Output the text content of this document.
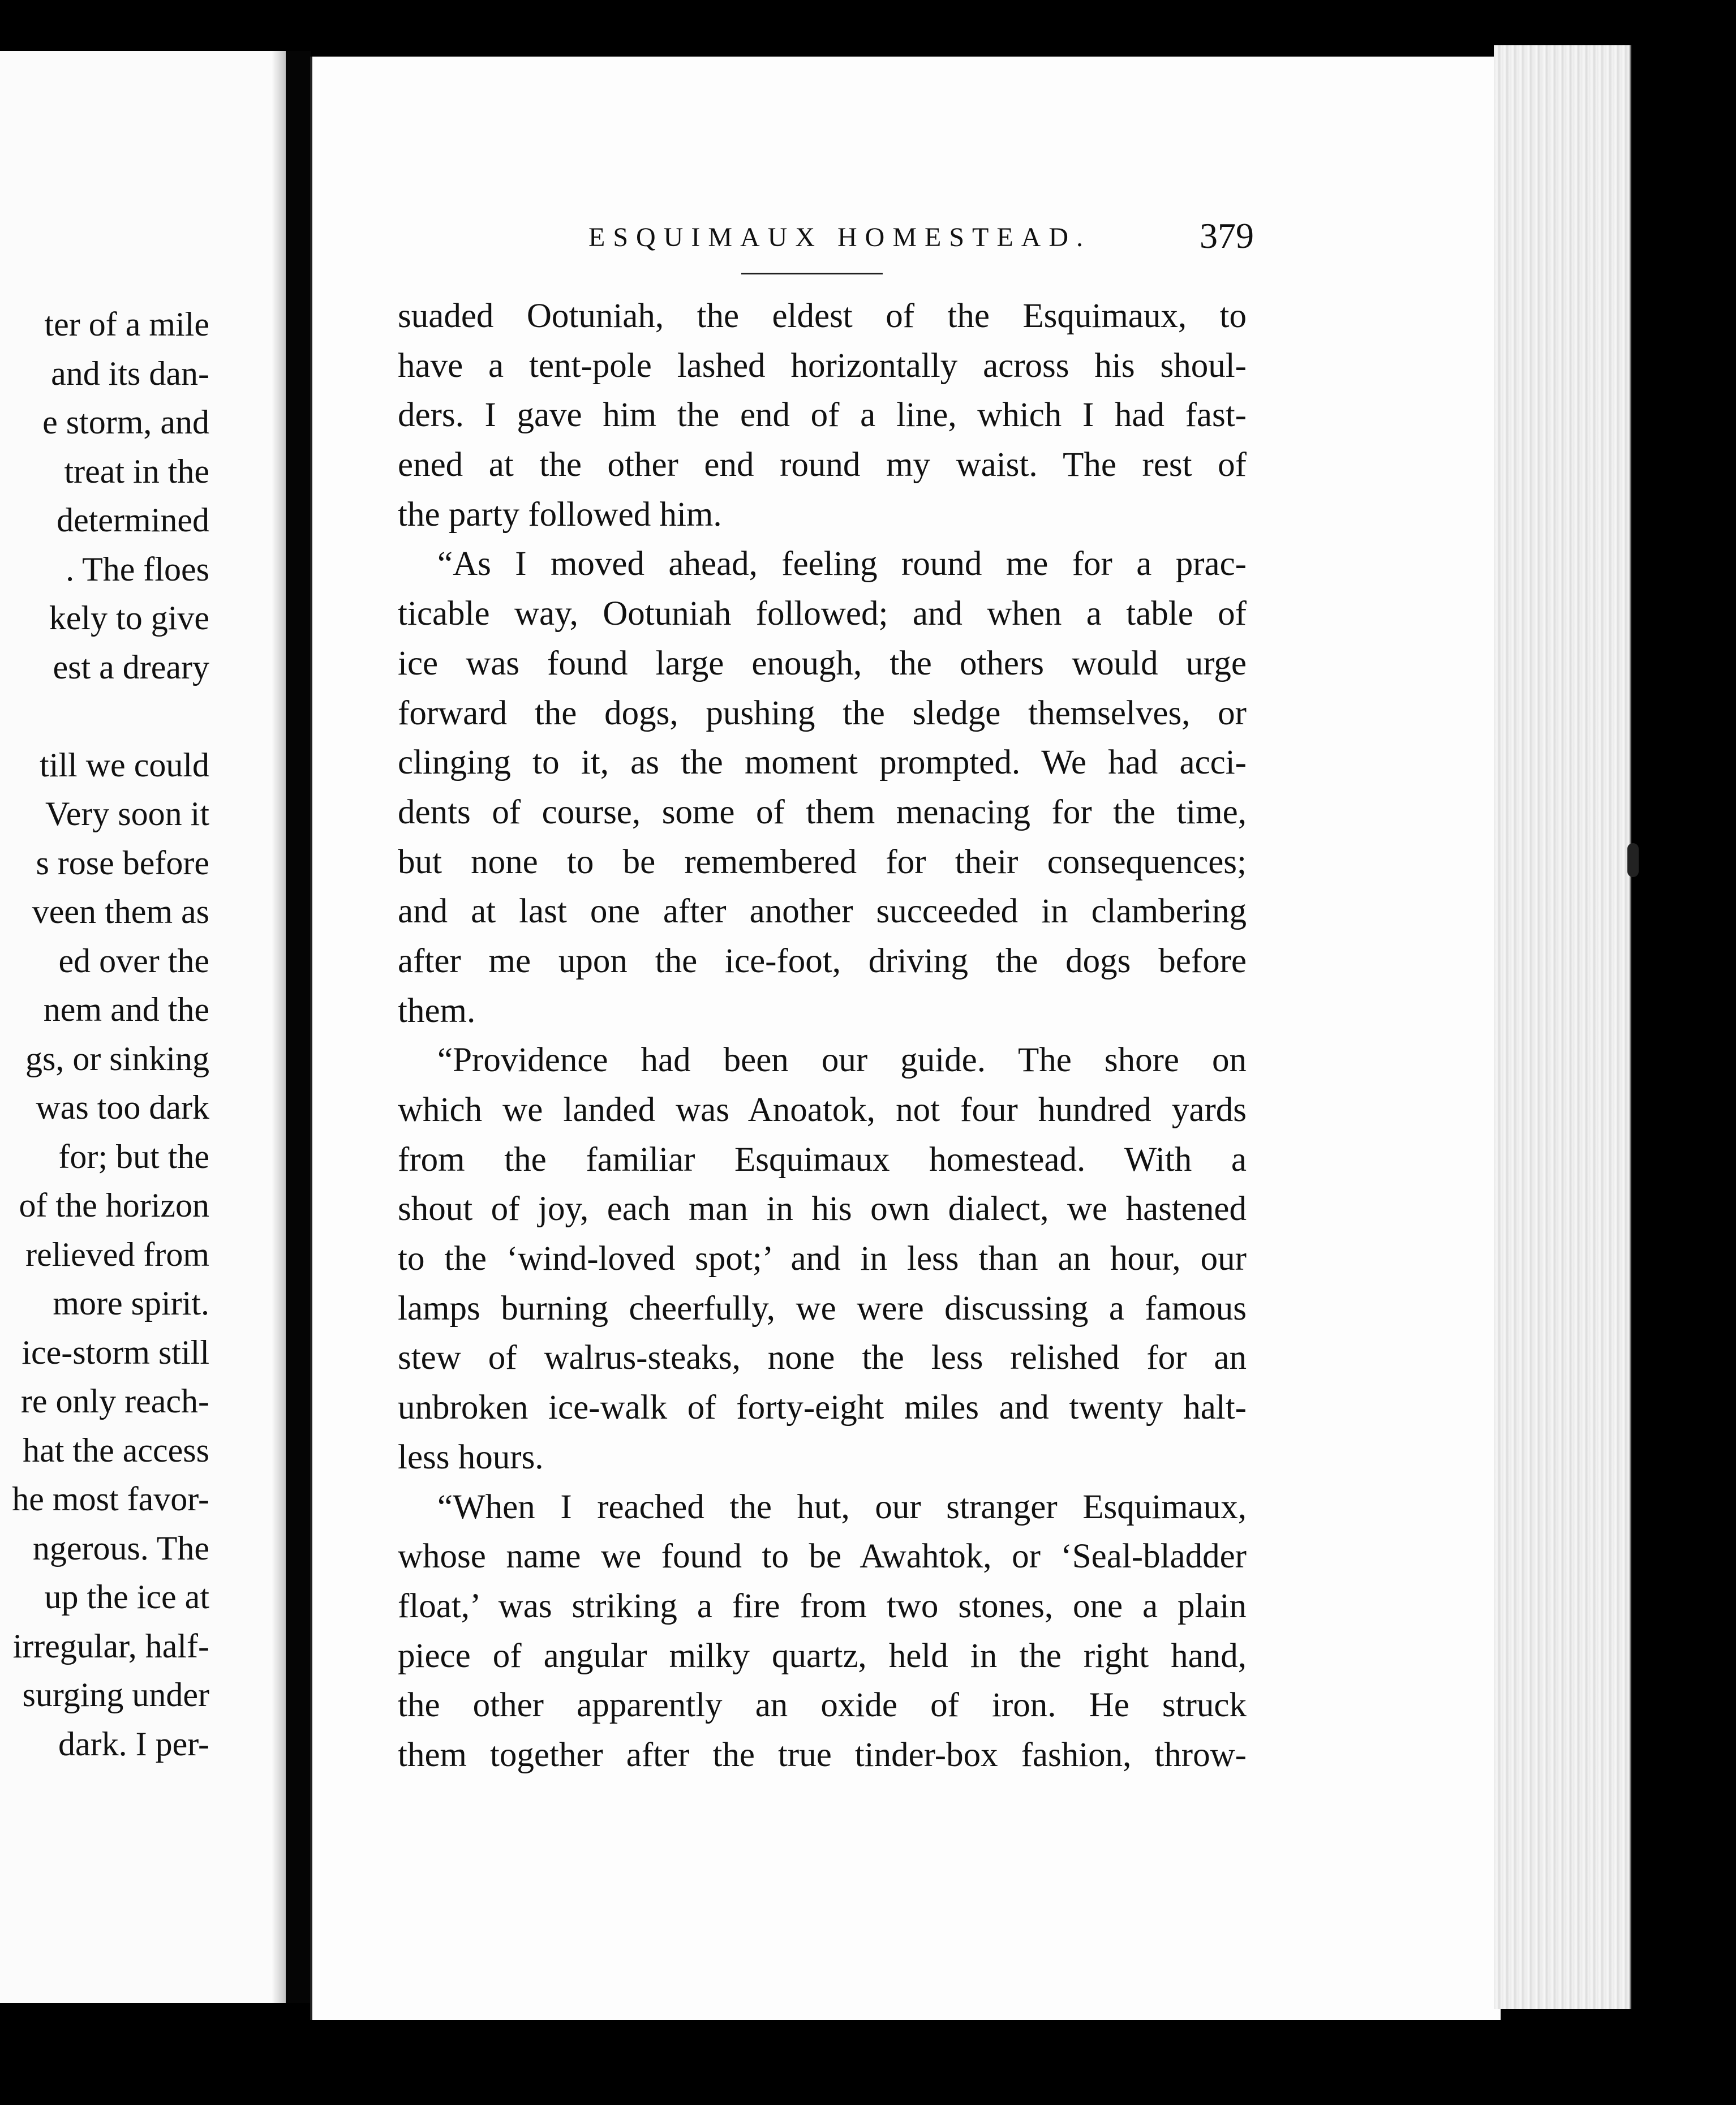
ter of a mile
and its dan-
e storm, and
treat in the
determined
. The floes
kely to give
est a dreary
till we could
Very soon it
s rose before
veen them as
ed over the
nem and the
gs, or sinking
was too dark
for; but the
of the horizon
relieved from
more spirit.
ice-storm still
re only reach-
hat the access
he most favor-
ngerous. The
up the ice at
irregular, half-
surging under
dark. I per-
ESQUIMAUX HOMESTEAD.	379
suaded Ootuniah, the eldest of the Esquimaux, to
have a tent-pole lashed horizontally across his shoul-
ders. I gave him the end of a line, which I had fast-
ened at the other end round my waist. The rest of
the party followed him.
“As I moved ahead, feeling round me for a prac-
ticable way, Ootuniah followed; and when a table of
ice was found large enough, the others would urge
forward the dogs, pushing the sledge themselves, or
clinging to it, as the moment prompted. We had acci-
dents of course, some of them menacing for the time,
but none to be remembered for their consequences;
and at last one after another succeeded in clambering
after me upon the ice-foot, driving the dogs before
them.
“Providence had been our guide. The shore on
which we landed was Anoatok, not four hundred yards
from the familiar Esquimaux homestead. With a
shout of joy, each man in his own dialect, we hastened
to the ‘wind-loved spot;’ and in less than an hour, our
lamps burning cheerfully, we were discussing a famous
stew of walrus-steaks, none the less relished for an
unbroken ice-walk of forty-eight miles and twenty halt-
less hours.
“When I reached the hut, our stranger Esquimaux,
whose name we found to be Awahtok, or ‘Seal-bladder
float,’ was striking a fire from two stones, one a plain
piece of angular milky quartz, held in the right hand,
the other apparently an oxide of iron. He struck
them together after the true tinder-box fashion, throw-
